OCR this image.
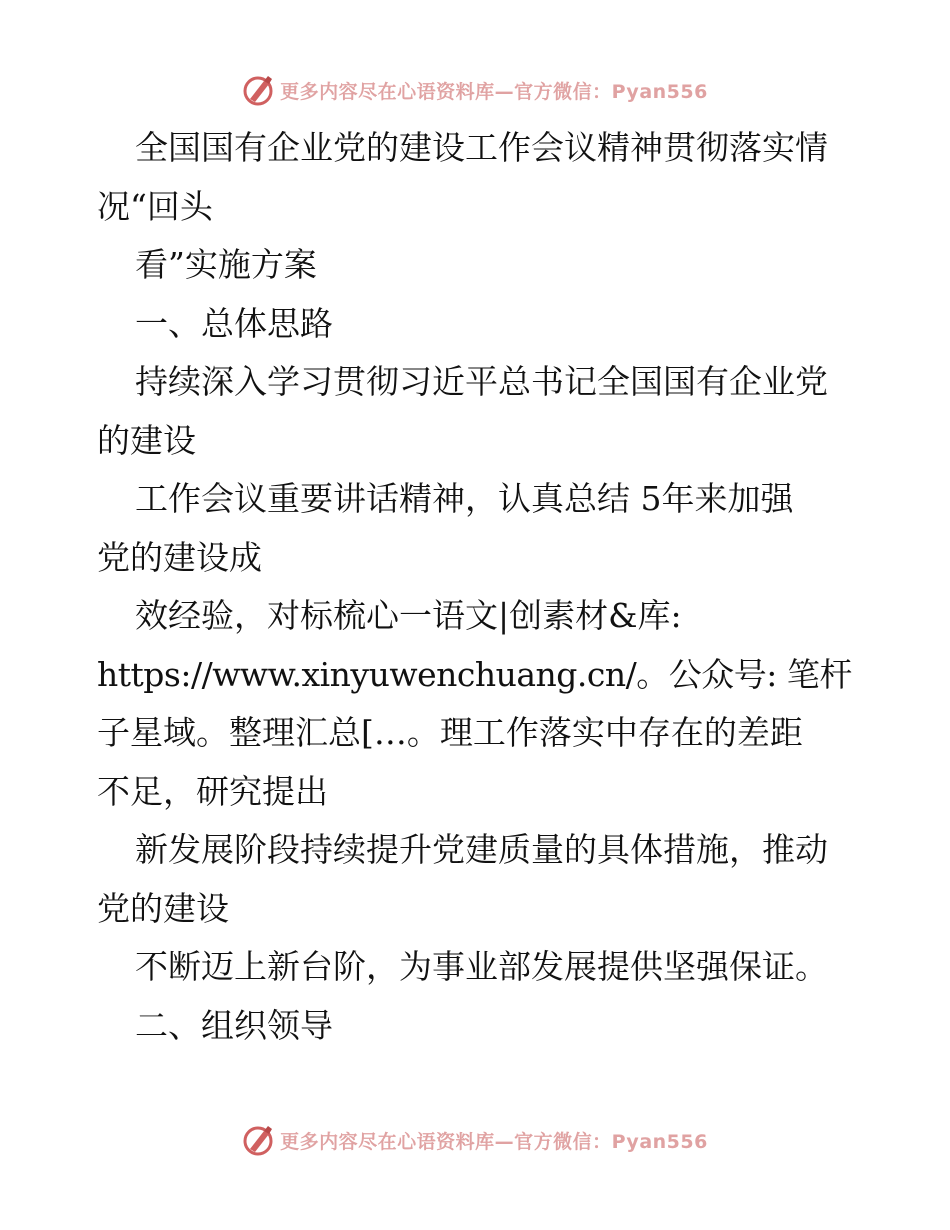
更多内容尽在心语资料库—官方微信：Pyan556
全国国有企业党的建设工作会议精神贯彻落实情
况“回头
看”实施方案
一、总体思路
持续深入学习贯彻习近平总书记全国国有企业党
的建设
工作会议重要讲话精神，认真总结 5年来加强
党的建设成
效经验，对标梳心一语文|创素材&库:
https://www.xinyuwenchuang.cn/。公众号: 笔杆
子星域。整理汇总[…。理工作落实中存在的差距
不足，研究提出
新发展阶段持续提升党建质量的具体措施，推动
党的建设
不断迈上新台阶，为事业部发展提供坚强保证。
二、组织领导
更多内容尽在心语资料库—官方微信：Pyan556
